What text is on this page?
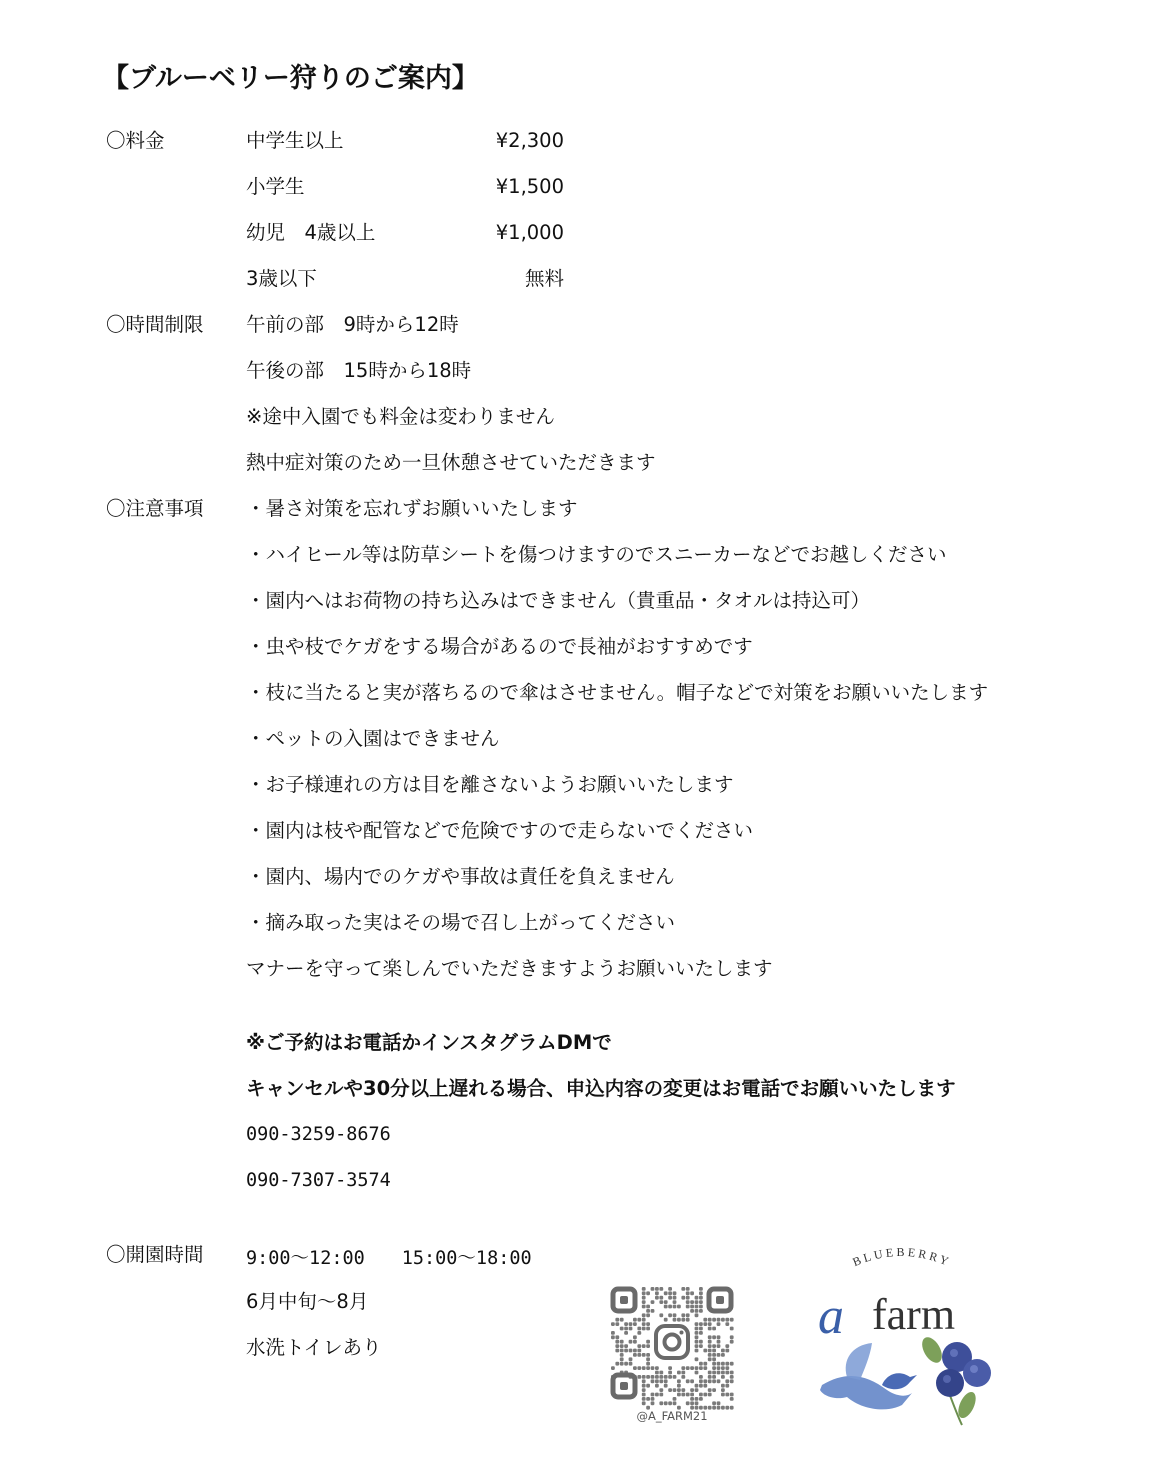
【ブルーベリー狩りのご案内】
〇料金	中学生以上	¥2,300
小学生	¥1,500
幼児　4歳以上	¥1,000
3歳以下	無料
〇時間制限 午前の部　9時から12時
午後の部　15時から18時
※途中入園でも料金は変わりません
熱中症対策のため一旦休憩させていただきます
〇注意事項 ・暑さ対策を忘れずお願いいたします
・ハイヒール等は防草シートを傷つけますのでスニーカーなどでお越しください
・園内へはお荷物の持ち込みはできません（貴重品・タオルは持込可）
・虫や枝でケガをする場合があるので長袖がおすすめです
・枝に当たると実が落ちるので傘はさせません。帽子などで対策をお願いいたします
・ペットの入園はできません
・お子様連れの方は目を離さないようお願いいたします
・園内は枝や配管などで危険ですので走らないでください
・園内、場内でのケガや事故は責任を負えません
・摘み取った実はその場で召し上がってください
マナーを守って楽しんでいただきますようお願いいたします
※ご予約はお電話かインスタグラムDMで
キャンセルや30分以上遅れる場合、申込内容の変更はお電話でお願いいたします
090-3259-8676
090-7307-3574
〇開園時間 9:00〜12:00　　15:00〜18:00
6月中旬〜8月
水洗トイレあり
@A_FARM21
BLUEBERRY
a farm
